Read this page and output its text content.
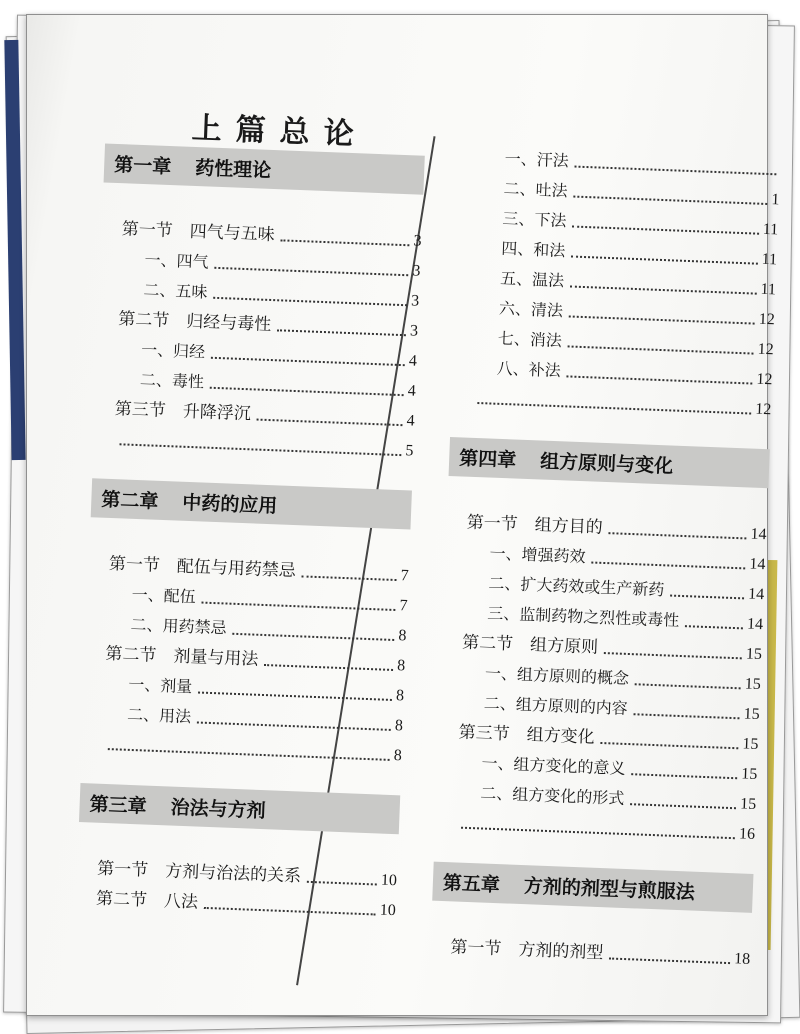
上篇总论
第一章 药性理论
第一节　四气与五味	3
一、四气	3
二、五味	3
第二节　归经与毒性	3
一、归经	4
二、毒性	4
第三节　升降浮沉	4
5
第二章 中药的应用
第一节　配伍与用药禁忌	7
一、配伍	7
二、用药禁忌	8
第二节　剂量与用法	8
一、剂量	8
二、用法	8
8
第三章 治法与方剂
第一节　方剂与治法的关系	10
第二节　八法	10
一、汗法
二、吐法	1
三、下法	11
四、和法	11
五、温法	11
六、清法	12
七、消法	12
八、补法	12
12
第四章 组方原则与变化
第一节　组方目的	14
一、增强药效	14
二、扩大药效或生产新药	14
三、监制药物之烈性或毒性	14
第二节　组方原则	15
一、组方原则的概念	15
二、组方原则的内容	15
第三节　组方变化	15
一、组方变化的意义	15
二、组方变化的形式	15
16
第五章 方剂的剂型与煎服法
第一节　方剂的剂型	18
